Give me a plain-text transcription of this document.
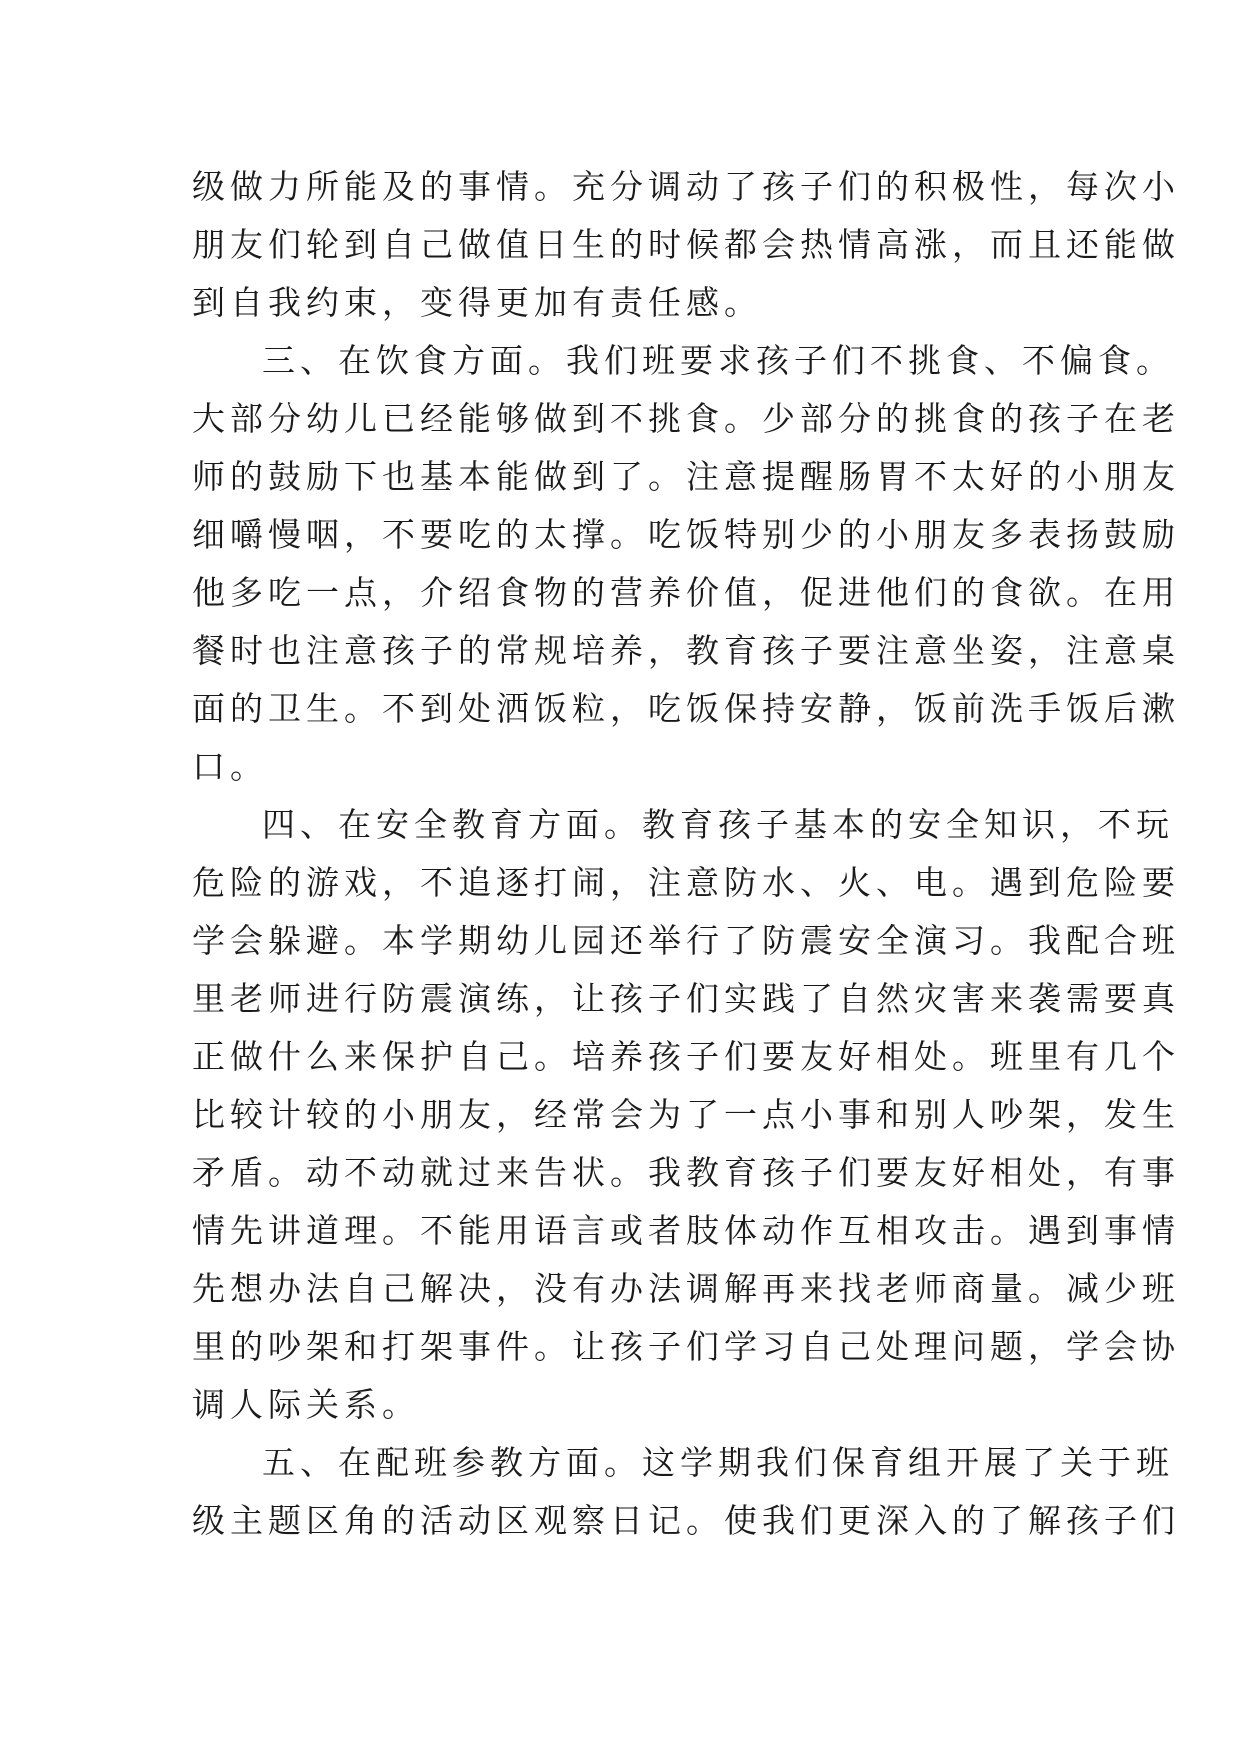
级做力所能及的事情。充分调动了孩子们的积极性，每次小
朋友们轮到自己做值日生的时候都会热情高涨，而且还能做
到自我约束，变得更加有责任感。
三、在饮食方面。我们班要求孩子们不挑食、不偏食。
大部分幼儿已经能够做到不挑食。少部分的挑食的孩子在老
师的鼓励下也基本能做到了。注意提醒肠胃不太好的小朋友
细嚼慢咽，不要吃的太撑。吃饭特别少的小朋友多表扬鼓励
他多吃一点，介绍食物的营养价值，促进他们的食欲。在用
餐时也注意孩子的常规培养，教育孩子要注意坐姿，注意桌
面的卫生。不到处洒饭粒，吃饭保持安静，饭前洗手饭后漱
口。
四、在安全教育方面。教育孩子基本的安全知识，不玩
危险的游戏，不追逐打闹，注意防水、火、电。遇到危险要
学会躲避。本学期幼儿园还举行了防震安全演习。我配合班
里老师进行防震演练，让孩子们实践了自然灾害来袭需要真
正做什么来保护自己。培养孩子们要友好相处。班里有几个
比较计较的小朋友，经常会为了一点小事和别人吵架，发生
矛盾。动不动就过来告状。我教育孩子们要友好相处，有事
情先讲道理。不能用语言或者肢体动作互相攻击。遇到事情
先想办法自己解决，没有办法调解再来找老师商量。减少班
里的吵架和打架事件。让孩子们学习自己处理问题，学会协
调人际关系。
五、在配班参教方面。这学期我们保育组开展了关于班
级主题区角的活动区观察日记。使我们更深入的了解孩子们
